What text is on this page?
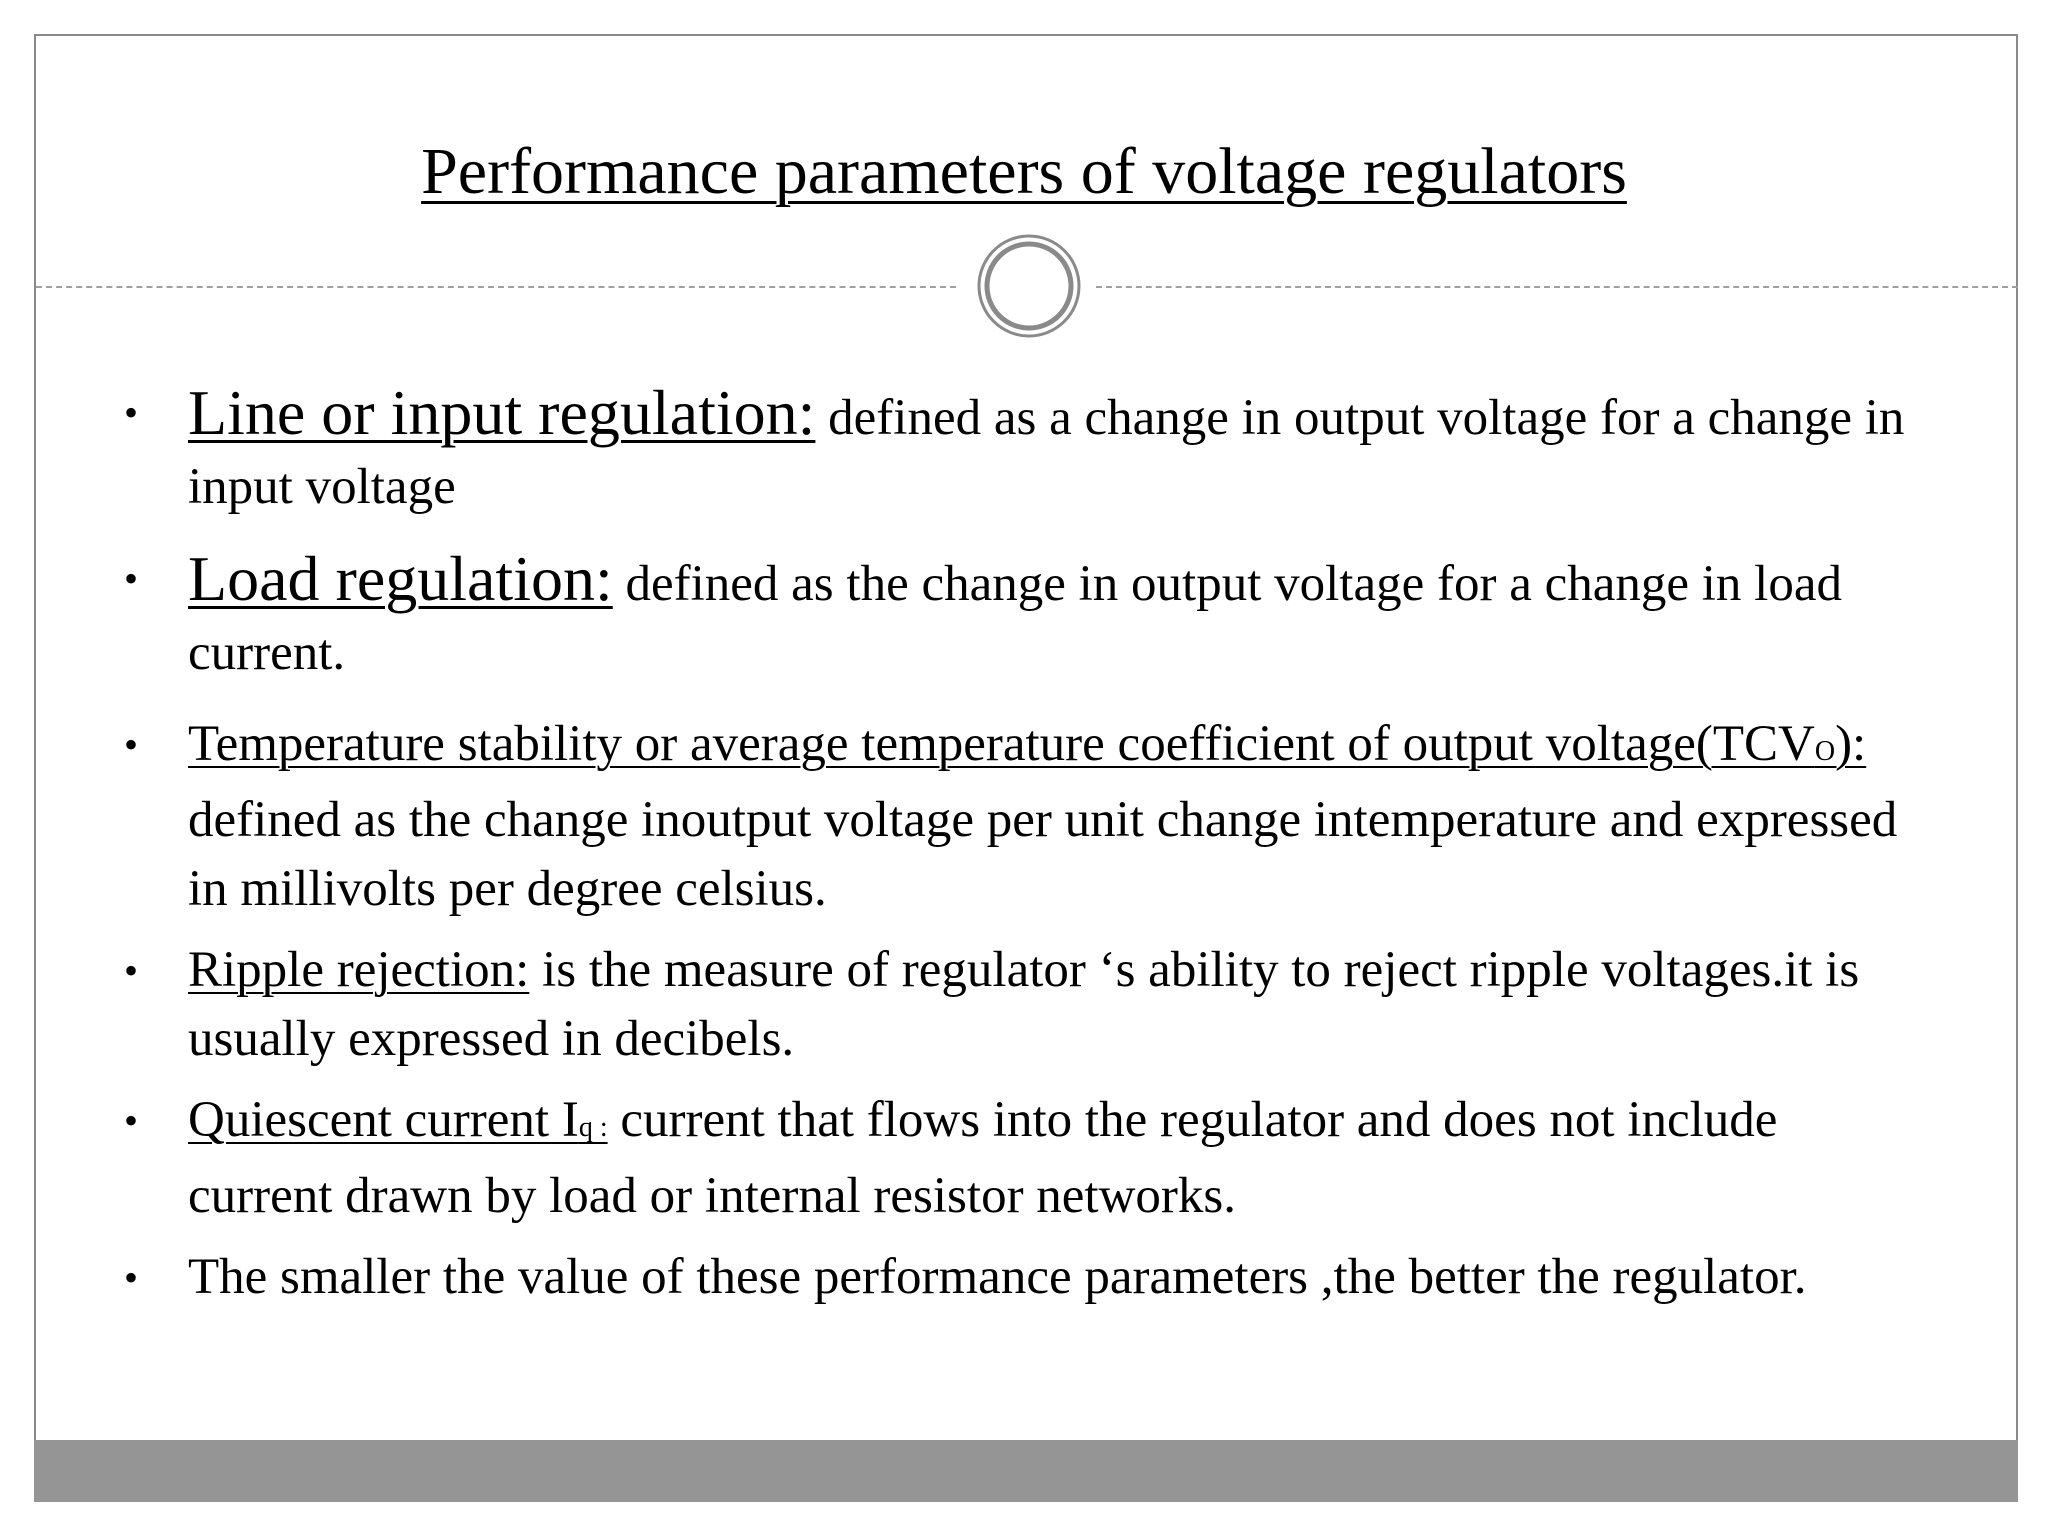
Performance parameters of voltage regulators
• Line or input regulation: defined as a change in output voltage for a change in input voltage
• Load regulation: defined as the change in output voltage for a change in load current.
• Temperature stability or average temperature coefficient of output voltage(TCVO): defined as the change inoutput voltage per unit change intemperature and expressed in millivolts per degree celsius.
• Ripple rejection: is the measure of regulator ‘s ability to reject ripple voltages.it is usually expressed in decibels.
• Quiescent current Iq : current that flows into the regulator and does not include current drawn by load or internal resistor networks.
• The smaller the value of these performance parameters ,the better the regulator.
